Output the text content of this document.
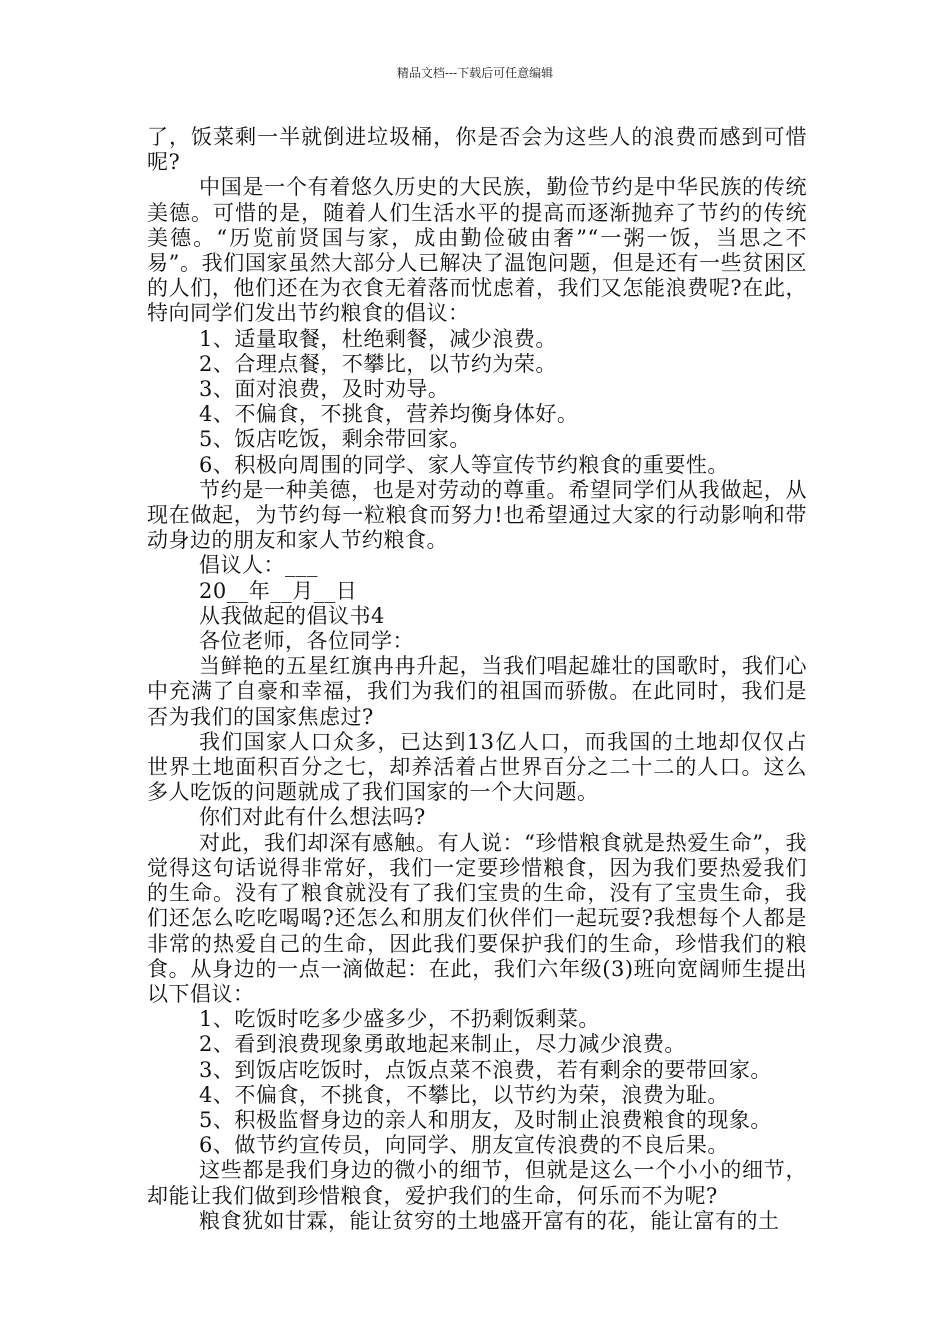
精品文档---下载后可任意编辑

了，饭菜剩一半就倒进垃圾桶，你是否会为这些人的浪费而感到可惜呢?

中国是一个有着悠久历史的大民族，勤俭节约是中华民族的传统美德。可惜的是，随着人们生活水平的提高而逐渐抛弃了节约的传统美德。“历览前贤国与家，成由勤俭破由奢”“一粥一饭，当思之不易”。我们国家虽然大部分人已解决了温饱问题，但是还有一些贫困区的人们，他们还在为衣食无着落而忧虑着，我们又怎能浪费呢?在此，特向同学们发出节约粮食的倡议：

1、适量取餐，杜绝剩餐，减少浪费。

2、合理点餐，不攀比，以节约为荣。

3、面对浪费，及时劝导。

4、不偏食，不挑食，营养均衡身体好。

5、饭店吃饭，剩余带回家。

6、积极向周围的同学、家人等宣传节约粮食的重要性。

节约是一种美德，也是对劳动的尊重。希望同学们从我做起，从现在做起，为节约每一粒粮食而努力!也希望通过大家的行动影响和带动身边的朋友和家人节约粮食。

倡议人：___

20__年__月__日

从我做起的倡议书4

各位老师，各位同学：

当鲜艳的五星红旗冉冉升起，当我们唱起雄壮的国歌时，我们心中充满了自豪和幸福，我们为我们的祖国而骄傲。在此同时，我们是否为我们的国家焦虑过?

我们国家人口众多，已达到13亿人口，而我国的土地却仅仅占世界土地面积百分之七，却养活着占世界百分之二十二的人口。这么多人吃饭的问题就成了我们国家的一个大问题。

你们对此有什么想法吗?

对此，我们却深有感触。有人说：“珍惜粮食就是热爱生命”，我觉得这句话说得非常好，我们一定要珍惜粮食，因为我们要热爱我们的生命。没有了粮食就没有了我们宝贵的生命，没有了宝贵生命，我们还怎么吃吃喝喝?还怎么和朋友们伙伴们一起玩耍?我想每个人都是非常的热爱自己的生命，因此我们要保护我们的生命，珍惜我们的粮食。从身边的一点一滴做起：在此，我们六年级(3)班向宽阔师生提出以下倡议：

1、吃饭时吃多少盛多少，不扔剩饭剩菜。

2、看到浪费现象勇敢地起来制止，尽力减少浪费。

3、到饭店吃饭时，点饭点菜不浪费，若有剩余的要带回家。

4、不偏食，不挑食，不攀比，以节约为荣，浪费为耻。

5、积极监督身边的亲人和朋友，及时制止浪费粮食的现象。

6、做节约宣传员，向同学、朋友宣传浪费的不良后果。

这些都是我们身边的微小的细节，但就是这么一个小小的细节，却能让我们做到珍惜粮食，爱护我们的生命，何乐而不为呢?

粮食犹如甘霖，能让贫穷的土地盛开富有的花，能让富有的土
